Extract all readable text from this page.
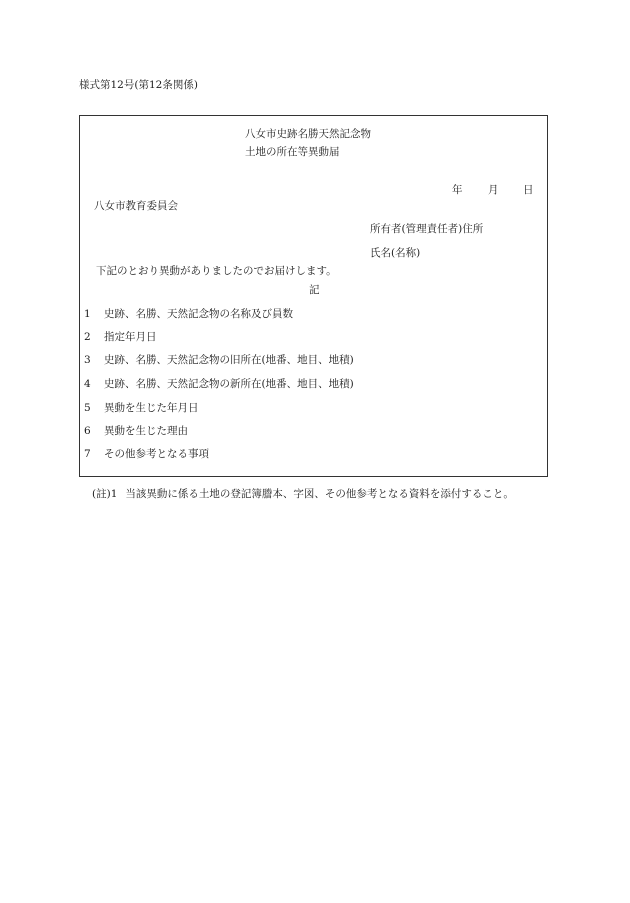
様式第12号(第12条関係)
八女市史跡名勝天然記念物
土地の所在等異動届
年 月 日
八女市教育委員会
所有者(管理責任者)住所
氏名(名称)
下記のとおり異動がありましたのでお届けします。
記
1 史跡、名勝、天然記念物の名称及び員数
2 指定年月日
3 史跡、名勝、天然記念物の旧所在(地番、地目、地積)
4 史跡、名勝、天然記念物の新所在(地番、地目、地積)
5 異動を生じた年月日
6 異動を生じた理由
7 その他参考となる事項
(註)1 当該異動に係る土地の登記簿謄本、字図、その他参考となる資料を添付すること。
